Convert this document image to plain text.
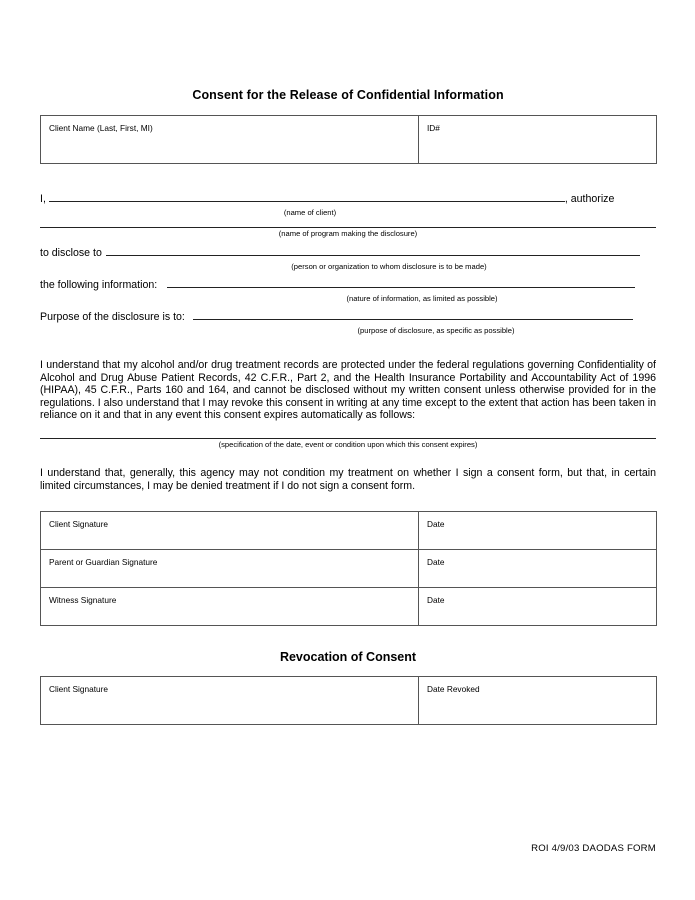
Consent for the Release of Confidential Information
Client Name (Last, First, MI)	ID#
I,	, authorize
(name of client)
(name of program making the disclosure)
to disclose to
(person or organization to whom disclosure is to be made)
the following information:
(nature of information, as limited as possible)
Purpose of the disclosure is to:
(purpose of disclosure, as specific as possible)

I understand that my alcohol and/or drug treatment records are protected under the federal regulations governing Confidentiality of Alcohol and Drug Abuse Patient Records, 42 C.F.R., Part 2, and the Health Insurance Portability and Accountability Act of 1996 (HIPAA), 45 C.F.R., Parts 160 and 164, and cannot be disclosed without my written consent unless otherwise provided for in the regulations. I also understand that I may revoke this consent in writing at any time except to the extent that action has been taken in reliance on it and that in any event this consent expires automatically as follows:

(specification of the date, event or condition upon which this consent expires)

I understand that, generally, this agency may not condition my treatment on whether I sign a consent form, but that, in certain limited circumstances, I may be denied treatment if I do not sign a consent form.

Client Signature	Date
Parent or Guardian Signature	Date
Witness Signature	Date
Revocation of Consent
Client Signature	Date Revoked
ROI 4/9/03 DAODAS FORM
